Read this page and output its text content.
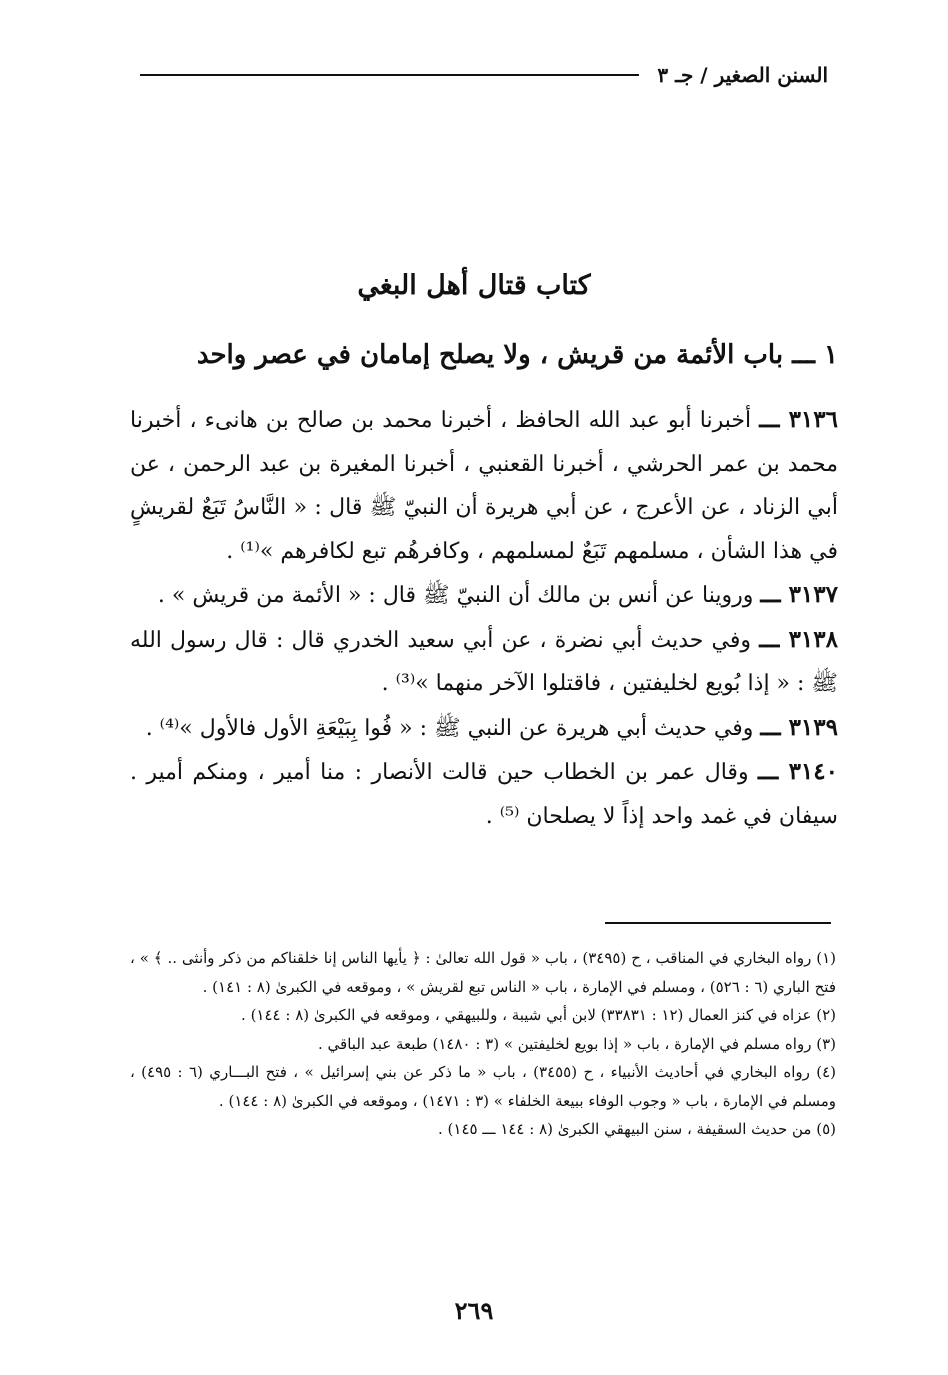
السنن الصغير / جـ ٣
كتاب قتال أهل البغي
١ ـــ باب الأئمة من قريش ، ولا يصلح إمامان في عصر واحد

٣١٣٦ ـــ أخبرنا أبو عبد الله الحافظ ، أخبرنا محمد بن صالح بن هانىء ، أخبرنا محمد بن عمر الحرشي ، أخبرنا القعنبي ، أخبرنا المغيرة بن عبد الرحمن ، عن أبي الزناد ، عن الأعرج ، عن أبي هريرة أن النبيّ ﷺ قال : « النَّاسُ تَبَعٌ لقريشٍ في هذا الشأن ، مسلمهم تَبَعٌ لمسلمهم ، وكافرهُم تبع لكافرهم »⁽¹⁾ .

٣١٣٧ ـــ وروينا عن أنس بن مالك أن النبيّ ﷺ قال : « الأئمة من قريش » .

٣١٣٨ ـــ وفي حديث أبي نضرة ، عن أبي سعيد الخدري قال : قال رسول الله ﷺ : « إذا بُويع لخليفتين ، فاقتلوا الآخر منهما »⁽³⁾ .

٣١٣٩ ـــ وفي حديث أبي هريرة عن النبي ﷺ : « فُوا بِبَيْعَةِ الأول فالأول »⁽⁴⁾ .

٣١٤٠ ـــ وقال عمر بن الخطاب حين قالت الأنصار : منا أمير ، ومنكم أمير . سيفان في غمد واحد إذاً لا يصلحان ⁽⁵⁾ .

(١) رواه البخاري في المناقب ، ح (٣٤٩٥) ، باب « قول الله تعالىٰ : ﴿ يأيها الناس إنا خلقناكم من ذكر وأنثى .. ﴾ » ، فتح الباري (٦ : ٥٢٦) ، ومسلم في الإمارة ، باب « الناس تبع لقريش » ، وموقعه في الكبرىٰ (٨ : ١٤١) .

(٢) عزاه في كنز العمال (١٢ : ٣٣٨٣١) لابن أبي شيبة ، وللبيهقي ، وموقعه في الكبرىٰ (٨ : ١٤٤) .

(٣) رواه مسلم في الإمارة ، باب « إذا بويع لخليفتين » (٣ : ١٤٨٠) طبعة عبد الباقي .

(٤) رواه البخاري في أحاديث الأنبياء ، ح (٣٤٥٥) ، باب « ما ذكر عن بني إسرائيل » ، فتح البـــاري (٦ : ٤٩٥) ، ومسلم في الإمارة ، باب « وجوب الوفاء ببيعة الخلفاء » (٣ : ١٤٧١) ، وموقعه في الكبرىٰ (٨ : ١٤٤) .

(٥) من حديث السقيفة ، سنن البيهقي الكبرىٰ (٨ : ١٤٤ ـــ ١٤٥) .

٢٦٩
